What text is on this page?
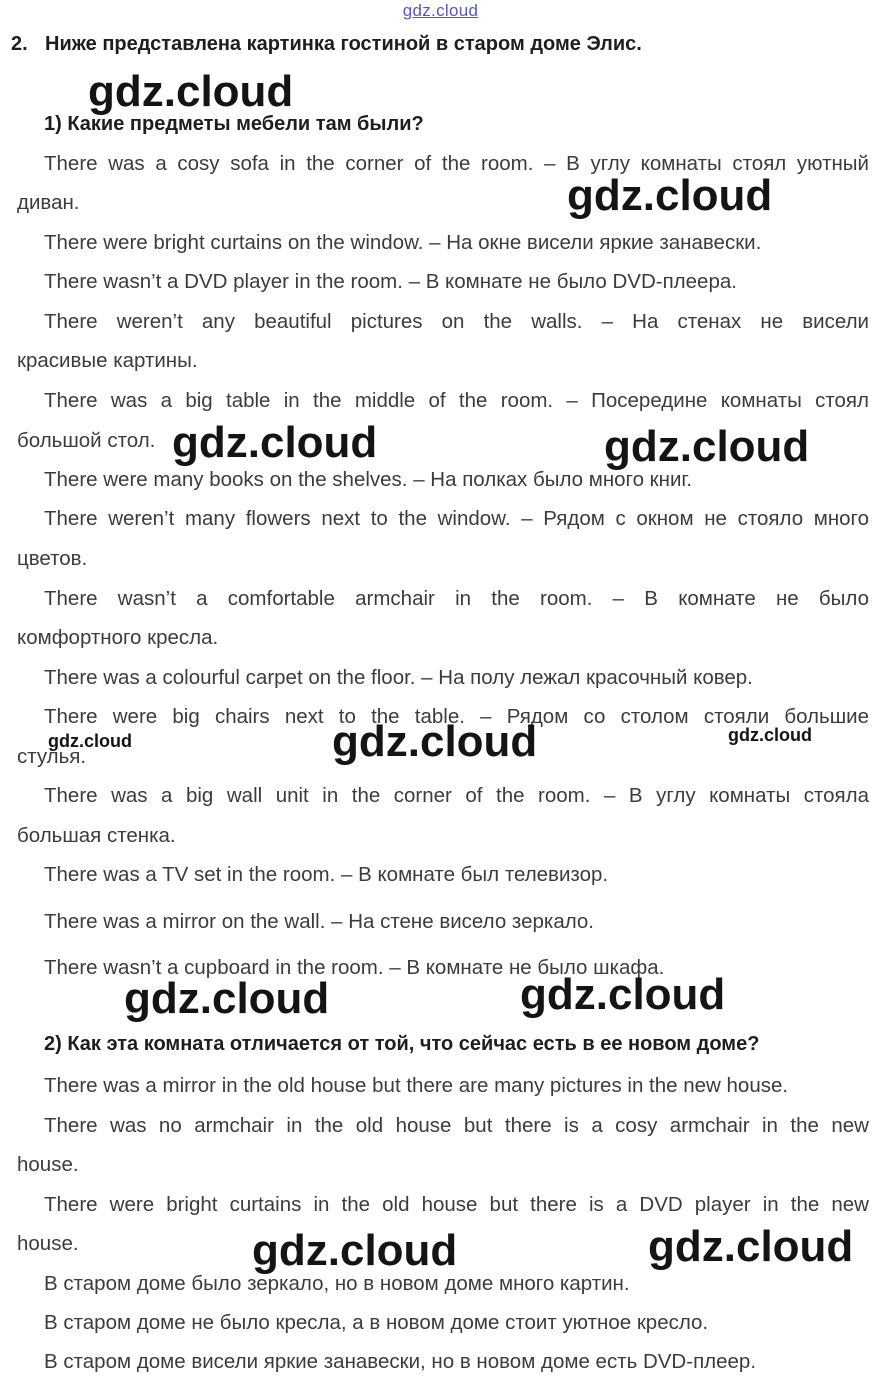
gdz.cloud
2. Ниже представлена картинка гостиной в старом доме Элис.
1) Какие предметы мебели там были?
There was a cosy sofa in the corner of the room. – В углу комнаты стоял уютный
диван.
There were bright curtains on the window. – На окне висели яркие занавески.
There wasn’t a DVD player in the room. – В комнате не было DVD-плеера.
There weren’t any beautiful pictures on the walls. – На стенах не висели
красивые картины.
There was a big table in the middle of the room. – Посередине комнаты стоял
большой стол.
There were many books on the shelves. – На полках было много книг.
There weren’t many flowers next to the window. – Рядом с окном не стояло много
цветов.
There wasn’t a comfortable armchair in the room. – В комнате не было
комфортного кресла.
There was a colourful carpet on the floor. – На полу лежал красочный ковер.
There were big chairs next to the table. – Рядом со столом стояли большие
стулья.
There was a big wall unit in the corner of the room. – В углу комнаты стояла
большая стенка.
There was a TV set in the room. – В комнате был телевизор.
There was a mirror on the wall. – На стене висело зеркало.
There wasn’t a cupboard in the room. – В комнате не было шкафа.
2) Как эта комната отличается от той, что сейчас есть в ее новом доме?
There was a mirror in the old house but there are many pictures in the new house.
There was no armchair in the old house but there is a cosy armchair in the new
house.
There were bright curtains in the old house but there is a DVD player in the new
house.
В старом доме было зеркало, но в новом доме много картин.
В старом доме не было кресла, а в новом доме стоит уютное кресло.
В старом доме висели яркие занавески, но в новом доме есть DVD-плеер.
gdz.cloud
gdz.cloud
gdz.cloud	gdz.cloud
gdz.cloud	gdz.cloud	gdz.cloud
gdz.cloud	gdz.cloud
gdz.cloud	gdz.cloud
